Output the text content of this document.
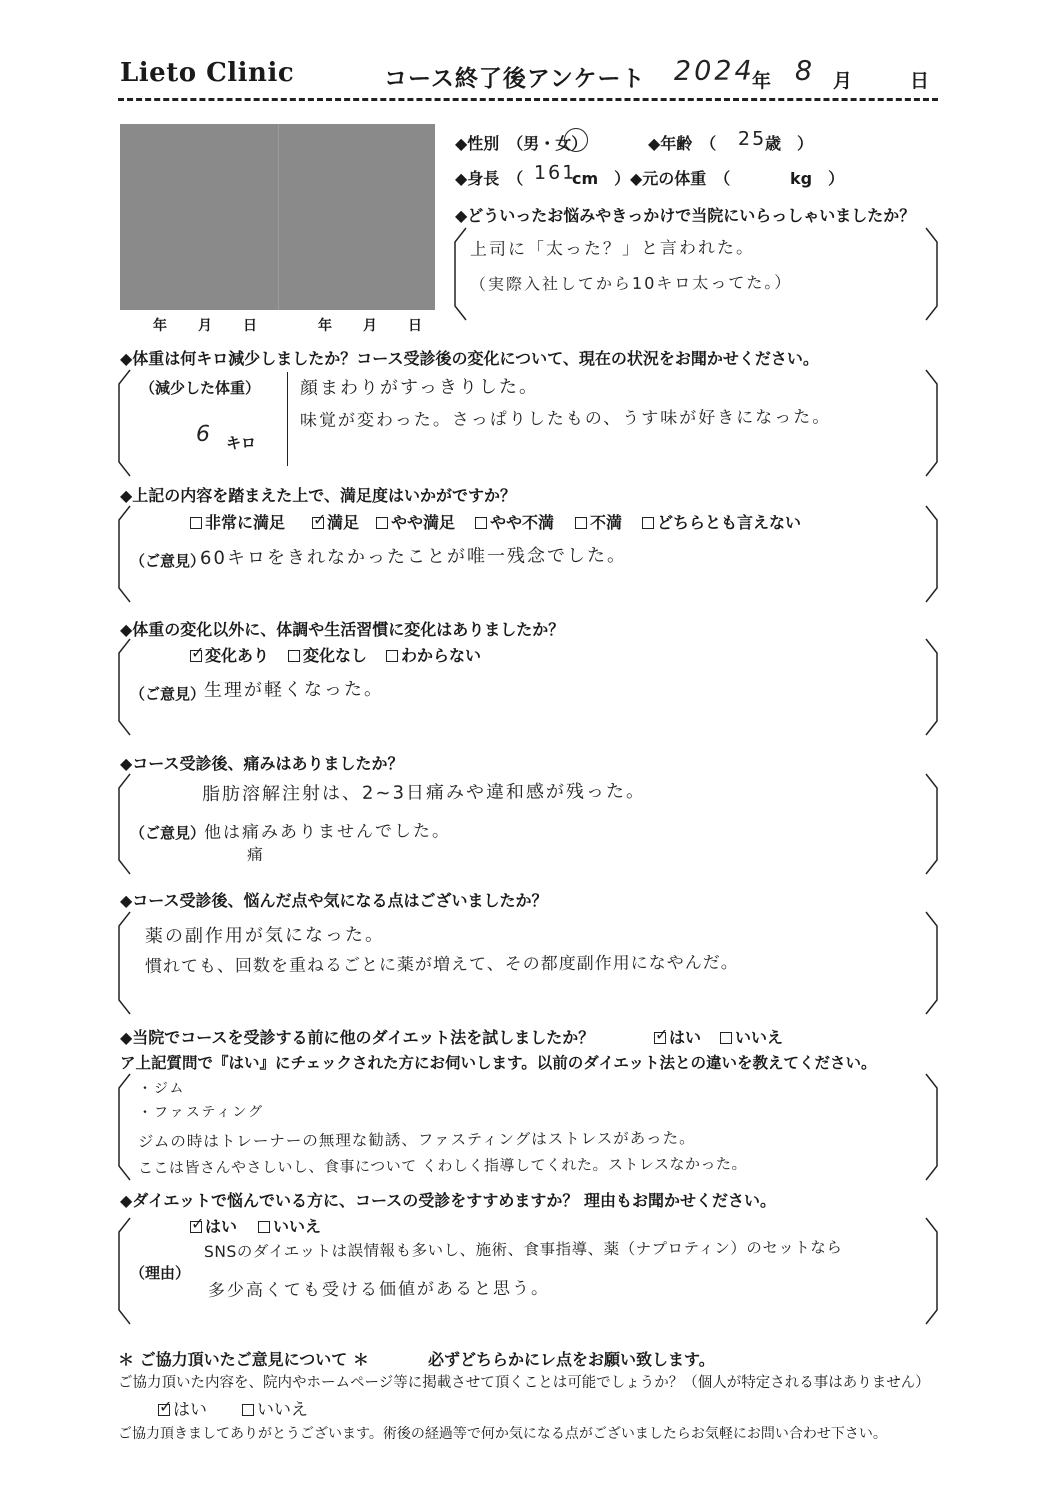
Lieto Clinic	コース終了後アンケート 2024
年 8 月	日
年　　月　　日	年　　月　　日
◆性別　（男・女）	◆年齢　（ 25
歳　）
◆身長　（ 161
cm　） ◆元の体重　（	kg　）
◆どういったお悩みやきっかけで当院にいらっしゃいましたか？
上司に「太った？」と言われた。
（実際入社してから10キロ太ってた。）
◆体重は何キロ減少しましたか？コース受診後の変化について、現在の状況をお聞かせください。
（減少した体重）
6 キロ
顔まわりがすっきりした。
味覚が変わった。さっぱりしたもの、うす味が好きになった。
◆上記の内容を踏まえた上で、満足度はいかがですか？
非常に満足 ✓	満足	やや満足	やや不満	不満	どちらとも言えない
（ご意見）
60キロをきれなかったことが唯一残念でした。
◆体重の変化以外に、体調や生活習慣に変化はありましたか？
✓変化あり	変化なし	わからない
（ご意見）
生理が軽くなった。
◆コース受診後、痛みはありましたか？
脂肪溶解注射は、2~3日痛みや違和感が残った。
（ご意見）
他は痛みありませんでした。
痛
◆コース受診後、悩んだ点や気になる点はございましたか？
薬の副作用が気になった。
慣れても、回数を重ねるごとに薬が増えて、その都度副作用になやんだ。
◆当院でコースを受診する前に他のダイエット法を試しましたか？ ✓	はい	いいえ
ア上記質問で『はい』にチェックされた方にお伺いします。以前のダイエット法との違いを教えてください。
・ジム
・ファスティング
ジムの時はトレーナーの無理な勧誘、ファスティングはストレスがあった。
ここは皆さんやさしいし、食事について くわしく指導してくれた。ストレスなかった。
◆ダイエットで悩んでいる方に、コースの受診をすすめますか？ 理由もお聞かせください。
✓はい	いいえ
（理由）
SNSのダイエットは誤情報も多いし、施術、食事指導、薬（ナプロティン）のセットなら
多少高くても受ける価値があると思う。
＊ ご協力頂いたご意見について ＊	必ずどちらかにレ点をお願い致します。
ご協力頂いた内容を、院内やホームページ等に掲載させて頂くことは可能でしょうか？（個人が特定される事はありません）
✓はい	いいえ
ご協力頂きましてありがとうございます。術後の経過等で何か気になる点がございましたらお気軽にお問い合わせ下さい。
